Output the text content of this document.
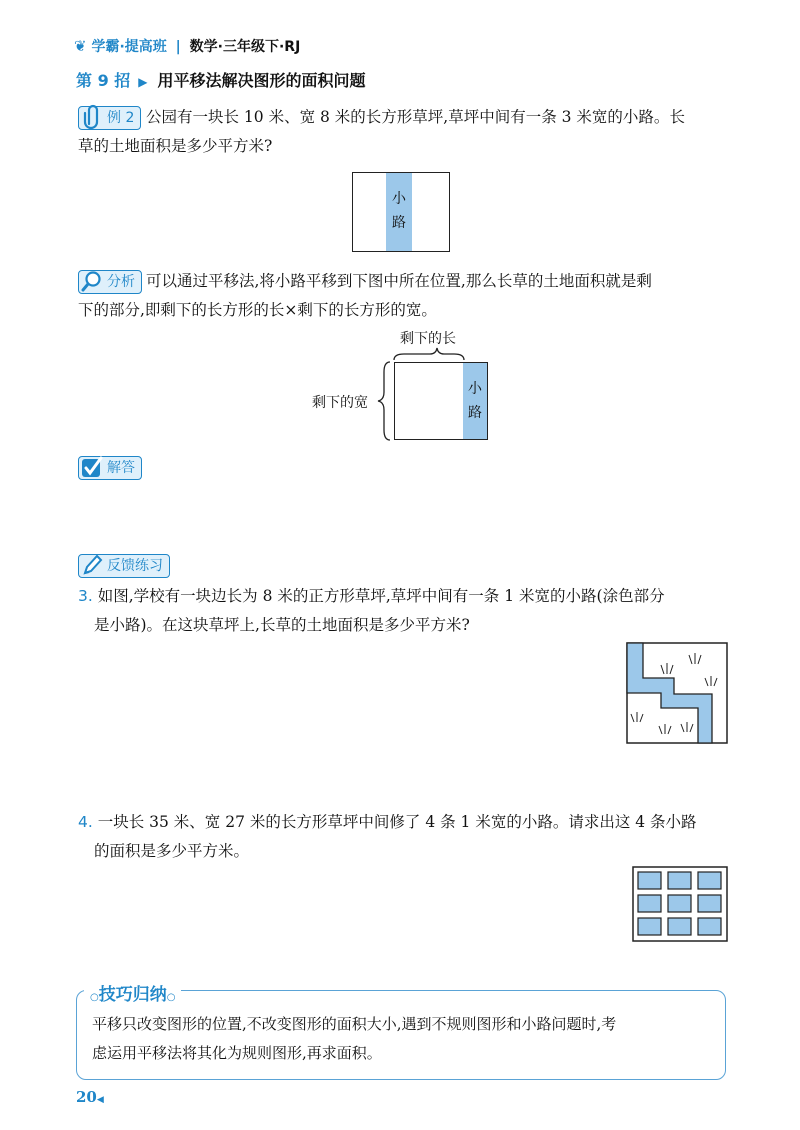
❦ 学霸·提高班 | 数学·三年级下·RJ
第 9 招 ▶ 用平移法解决图形的面积问题
例 2 公园有一块长 10 米、宽 8 米的长方形草坪,草坪中间有一条 3 米宽的小路。长
草的土地面积是多少平方米?
小
路
分析 可以通过平移法,将小路平移到下图中所在位置,那么长草的土地面积就是剩
下的部分,即剩下的长方形的长×剩下的长方形的宽。
剩下的长
剩下的宽
小
路
解答
反馈练习
3. 如图,学校有一块边长为 8 米的正方形草坪,草坪中间有一条 1 米宽的小路(涂色部分
是小路)。在这块草坪上,长草的土地面积是多少平方米?
4. 一块长 35 米、宽 27 米的长方形草坪中间修了 4 条 1 米宽的小路。请求出这 4 条小路
的面积是多少平方米。
○技巧归纳○
平移只改变图形的位置,不改变图形的面积大小,遇到不规则图形和小路问题时,考
虑运用平移法将其化为规则图形,再求面积。
20◀
